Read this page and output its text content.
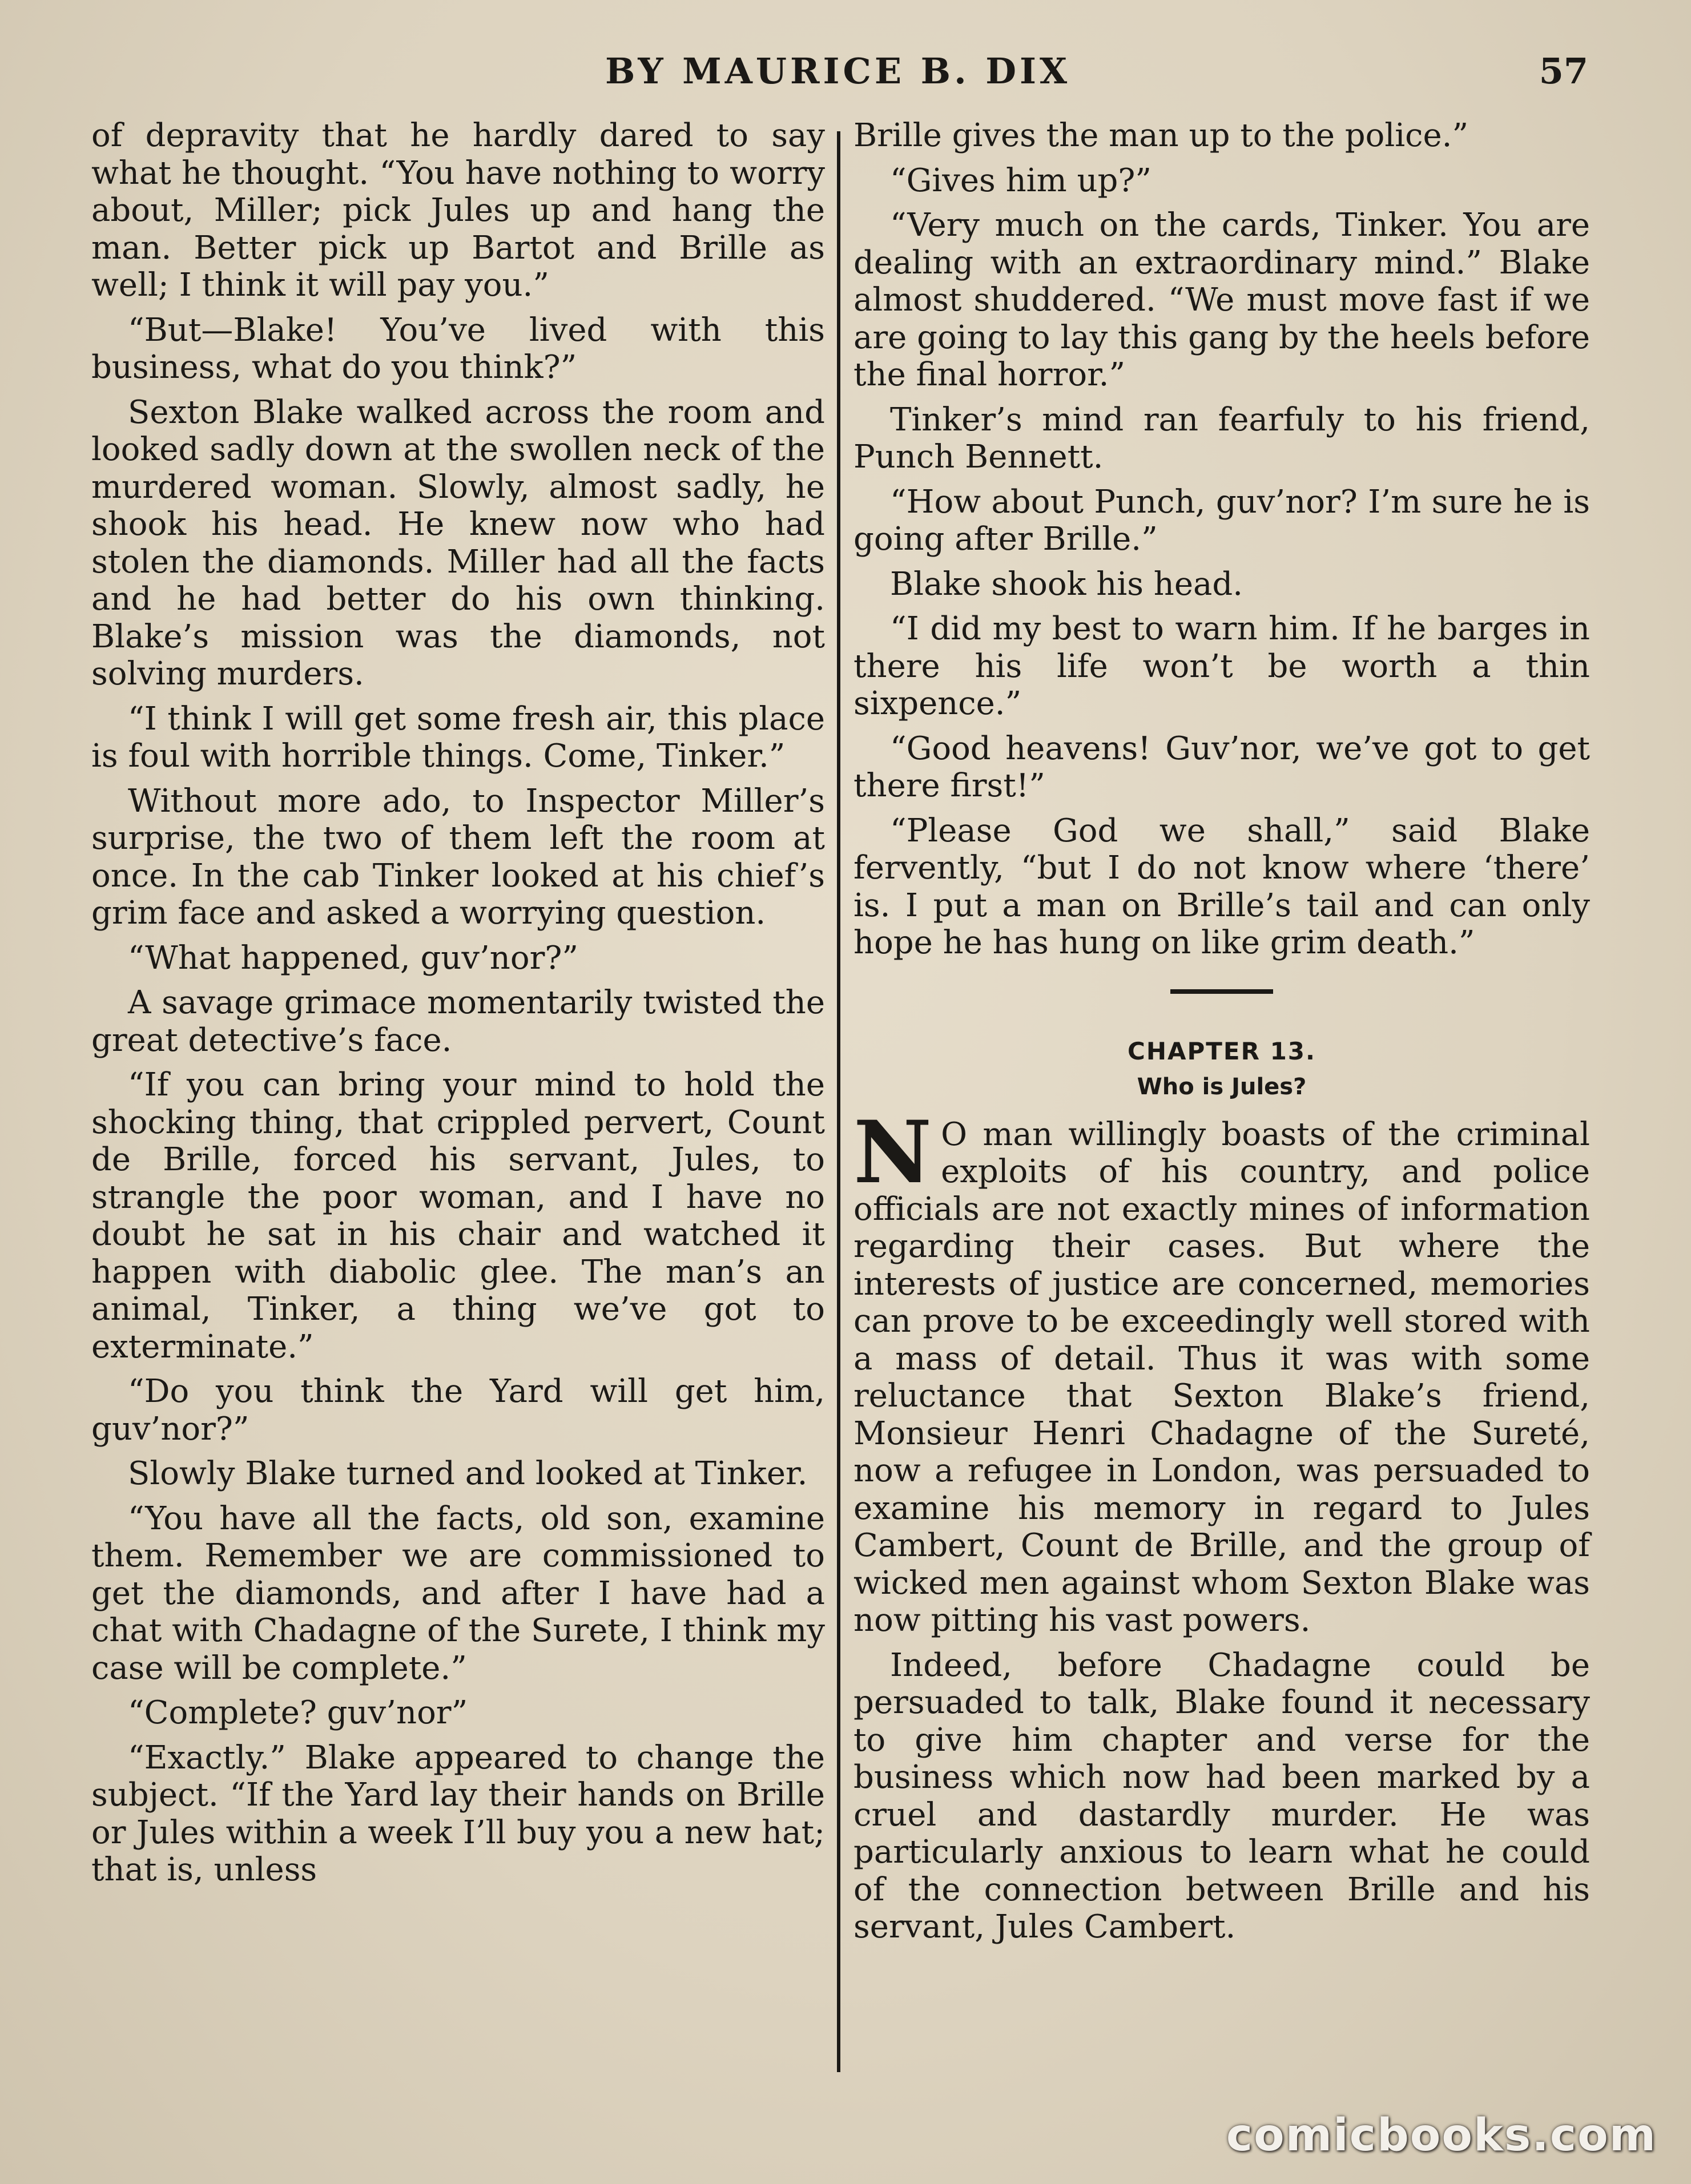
BY MAURICE B. DIX	57

of depravity that he hardly dared to say what he thought. “You have nothing to worry about, Miller; pick Jules up and hang the man. Better pick up Bartot and Brille as well; I think it will pay you.”

“But—Blake! You’ve lived with this business, what do you think?”

Sexton Blake walked across the room and looked sadly down at the swollen neck of the murdered woman. Slowly, almost sadly, he shook his head. He knew now who had stolen the diamonds. Miller had all the facts and he had better do his own thinking. Blake’s mission was the diamonds, not solving murders.

“I think I will get some fresh air, this place is foul with horrible things. Come, Tinker.”

Without more ado, to Inspector Miller’s surprise, the two of them left the room at once. In the cab Tinker looked at his chief’s grim face and asked a worrying question.

“What happened, guv’nor?”

A savage grimace momentarily twisted the great detective’s face.

“If you can bring your mind to hold the shocking thing, that crippled pervert, Count de Brille, forced his servant, Jules, to strangle the poor woman, and I have no doubt he sat in his chair and watched it happen with diabolic glee. The man’s an animal, Tinker, a thing we’ve got to exterminate.”

“Do you think the Yard will get him, guv’nor?”

Slowly Blake turned and looked at Tinker.

“You have all the facts, old son, examine them. Remember we are commissioned to get the diamonds, and after I have had a chat with Chadagne of the Surete, I think my case will be complete.”

“Complete? guv’nor”

“Exactly.” Blake appeared to change the subject. “If the Yard lay their hands on Brille or Jules within a week I’ll buy you a new hat; that is, unless

Brille gives the man up to the police.”

“Gives him up?”

“Very much on the cards, Tinker. You are dealing with an extraordinary mind.” Blake almost shuddered. “We must move fast if we are going to lay this gang by the heels before the final horror.”

Tinker’s mind ran fearfuly to his friend, Punch Bennett.

“How about Punch, guv’nor? I’m sure he is going after Brille.”

Blake shook his head.

“I did my best to warn him. If he barges in there his life won’t be worth a thin sixpence.”

“Good heavens! Guv’nor, we’ve got to get there first!”

“Please God we shall,” said Blake fervently, “but I do not know where ‘there’ is. I put a man on Brille’s tail and can only hope he has hung on like grim death.”

CHAPTER 13.
Who is Jules?

N O man willingly boasts of the criminal exploits of his country, and police officials are not exactly mines of information regarding their cases. But where the interests of justice are concerned, memories can prove to be exceedingly well stored with a mass of detail. Thus it was with some reluctance that Sexton Blake’s friend, Monsieur Henri Chadagne of the Sureté, now a refugee in London, was persuaded to examine his memory in regard to Jules Cambert, Count de Brille, and the group of wicked men against whom Sexton Blake was now pitting his vast powers.

Indeed, before Chadagne could be persuaded to talk, Blake found it necessary to give him chapter and verse for the business which now had been marked by a cruel and dastardly murder. He was particularly anxious to learn what he could of the connection between Brille and his servant, Jules Cambert.

comicbooks.com
